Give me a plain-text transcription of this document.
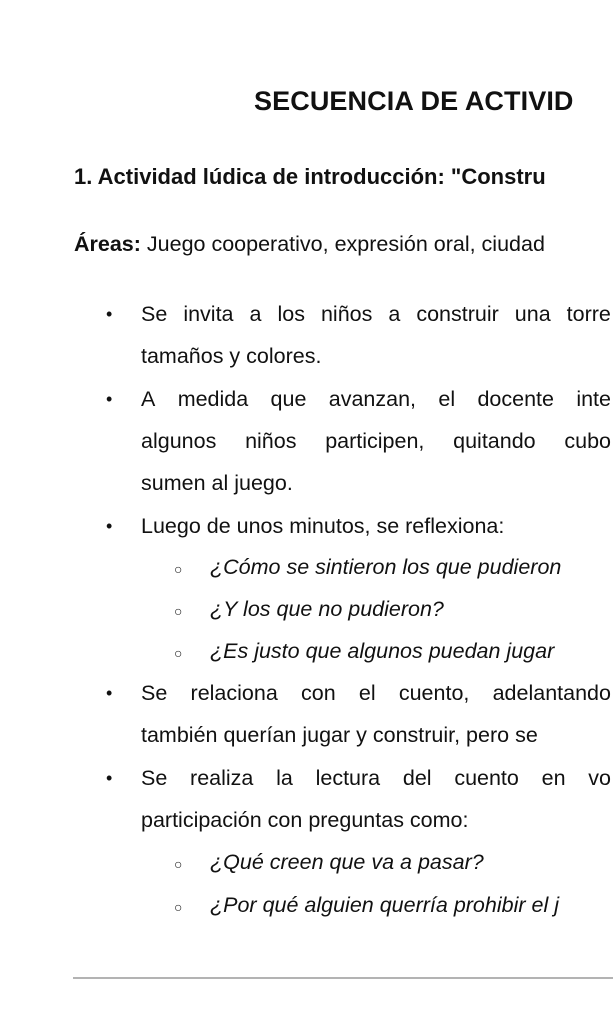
SECUENCIA DE ACTIVID
1. Actividad lúdica de introducción: "Constru
Áreas: Juego cooperativo, expresión oral, ciudad
• Se invita a los niños a construir una torre
tamaños y colores.
• A medida que avanzan, el docente inte
algunos niños participen, quitando cubo
sumen al juego.
• Luego de unos minutos, se reflexiona:
○ ¿Cómo se sintieron los que pudieron
○ ¿Y los que no pudieron?
○ ¿Es justo que algunos puedan jugar
• Se relaciona con el cuento, adelantando
también querían jugar y construir, pero se
• Se realiza la lectura del cuento en vo
participación con preguntas como:
○ ¿Qué creen que va a pasar?
○ ¿Por qué alguien querría prohibir el j
